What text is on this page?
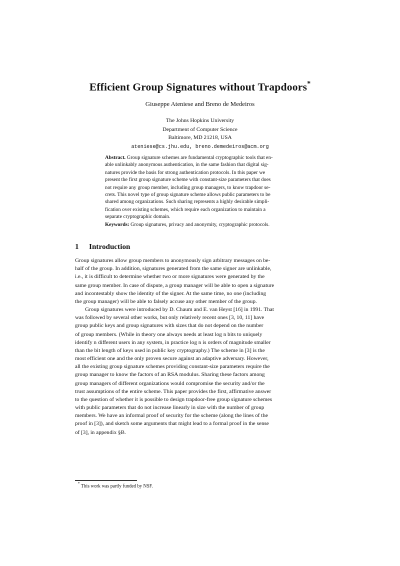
Efficient Group Signatures without Trapdoors*
Giuseppe Ateniese and Breno de Medeiros
The Johns Hopkins University
Department of Computer Science
Baltimore, MD 21218, USA
ateniese@cs.jhu.edu, breno.demedeiros@acm.org
Abstract. Group signature schemes are fundamental cryptographic tools that en-
able unlinkably anonymous authentication, in the same fashion that digital sig-
natures provide the basis for strong authentication protocols. In this paper we
present the first group signature scheme with constant-size parameters that does
not require any group member, including group managers, to know trapdoor se-
crets. This novel type of group signature scheme allows public parameters to be
shared among organizations. Such sharing represents a highly desirable simpli-
fication over existing schemes, which require each organization to maintain a
separate cryptographic domain.
Keywords: Group signatures, privacy and anonymity, cryptographic protocols.
1 Introduction
Group signatures allow group members to anonymously sign arbitrary messages on be-
half of the group. In addition, signatures generated from the same signer are unlinkable,
i.e., it is difficult to determine whether two or more signatures were generated by the
same group member. In case of dispute, a group manager will be able to open a signature
and incontestably show the identity of the signer. At the same time, no one (including
the group manager) will be able to falsely accuse any other member of the group.
Group signatures were introduced by D. Chaum and E. van Heyst [16] in 1991. That
was followed by several other works, but only relatively recent ones [3, 10, 11] have
group public keys and group signatures with sizes that do not depend on the number
of group members. (While in theory one always needs at least log n bits to uniquely
identify n different users in any system, in practice log n is orders of magnitude smaller
than the bit length of keys used in public key cryptography.) The scheme in [3] is the
most efficient one and the only proven secure against an adaptive adversary. However,
all the existing group signature schemes providing constant-size parameters require the
group manager to know the factors of an RSA modulus. Sharing these factors among
group managers of different organizations would compromise the security and/or the
trust assumptions of the entire scheme. This paper provides the first, affirmative answer
to the question of whether it is possible to design trapdoor-free group signature schemes
with public parameters that do not increase linearly in size with the number of group
members. We have an informal proof of security for the scheme (along the lines of the
proof in [3]), and sketch some arguments that might lead to a formal proof in the sense
of [3], in appendix §B.
* This work was partly funded by NSF.
